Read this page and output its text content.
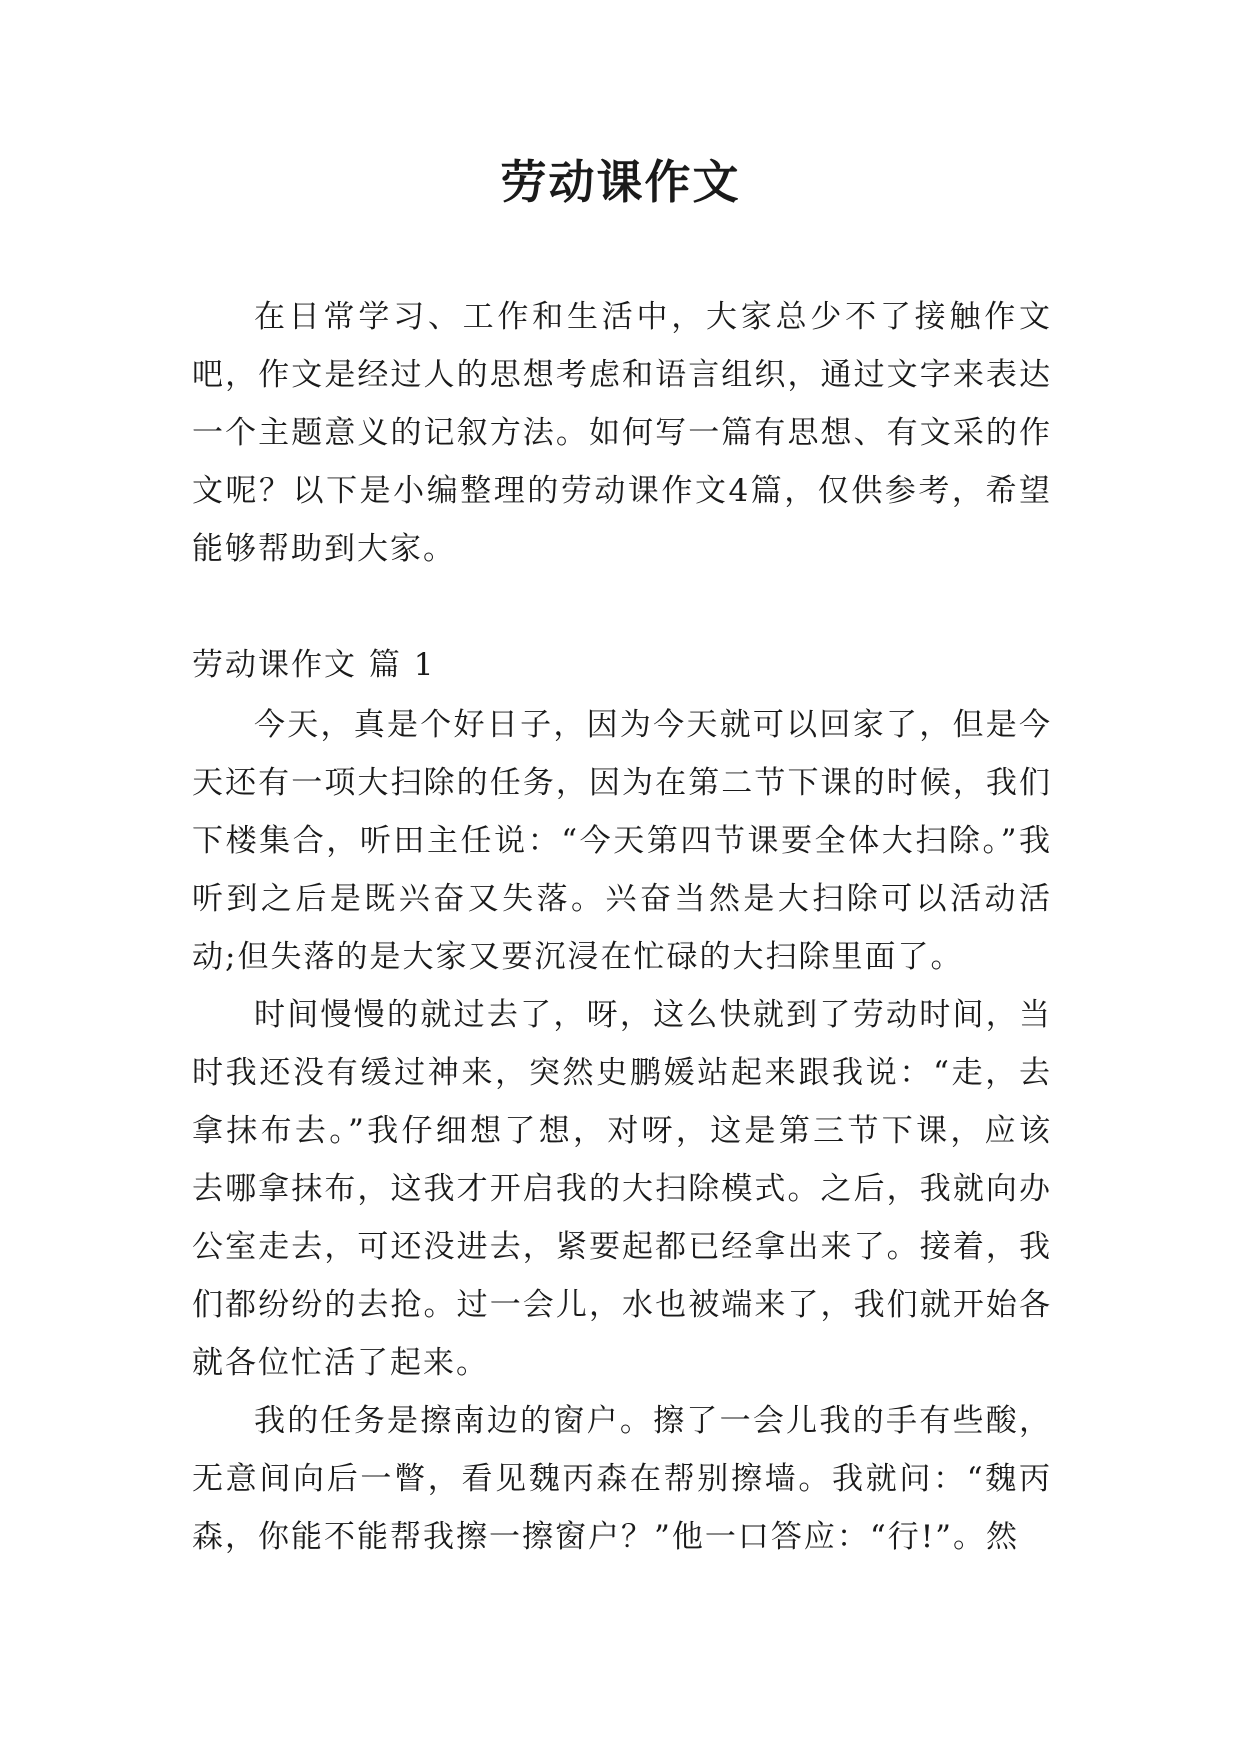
劳动课作文

在日常学习、工作和生活中，大家总少不了接触作文吧，作文是经过人的思想考虑和语言组织，通过文字来表达一个主题意义的记叙方法。如何写一篇有思想、有文采的作文呢？以下是小编整理的劳动课作文4篇，仅供参考，希望能够帮助到大家。

劳动课作文 篇 1

今天，真是个好日子，因为今天就可以回家了，但是今天还有一项大扫除的任务，因为在第二节下课的时候，我们下楼集合，听田主任说：“今天第四节课要全体大扫除。”我听到之后是既兴奋又失落。兴奋当然是大扫除可以活动活动;但失落的是大家又要沉浸在忙碌的大扫除里面了。

时间慢慢的就过去了，呀，这么快就到了劳动时间，当时我还没有缓过神来，突然史鹏媛站起来跟我说：“走，去拿抹布去。”我仔细想了想，对呀，这是第三节下课，应该去哪拿抹布，这我才开启我的大扫除模式。之后，我就向办公室走去，可还没进去，紧要起都已经拿出来了。接着，我们都纷纷的去抢。过一会儿，水也被端来了，我们就开始各就各位忙活了起来。

我的任务是擦南边的窗户。擦了一会儿我的手有些酸，无意间向后一瞥，看见魏丙森在帮别擦墙。我就问：“魏丙森，你能不能帮我擦一擦窗户？”他一口答应：“行!”。然
